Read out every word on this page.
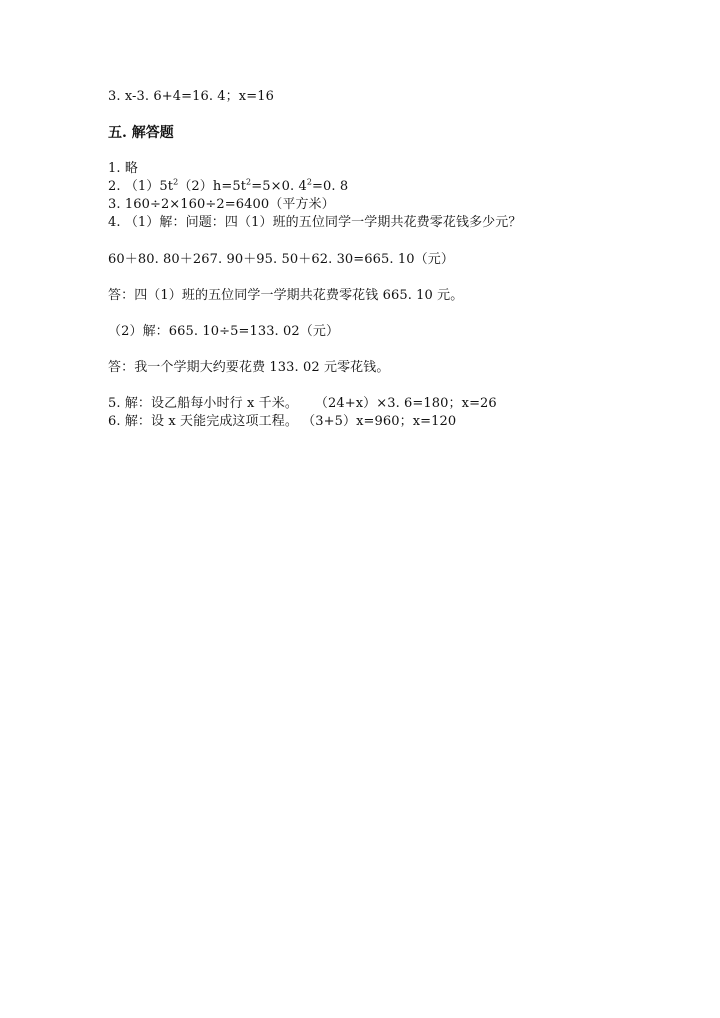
3. x-3. 6+4=16. 4；x=16
五. 解答题
1. 略
2. $(1)5t^2(2)h=5t^2=5\times 0$. $4^2=0$. 8
3. 160÷2×160÷2=6400（平方米）
4. （1）解：问题：四（1）班的五位同学一学期共花费零花钱多少元？
60＋80. 80＋267. 90＋95. 50＋62. 30=665. 10（元）
答：四（1）班的五位同学一学期共花费零花钱 665. 10 元。
（2）解：665. 10÷5=133. 02（元）
答：我一个学期大约要花费 133. 02 元零花钱。
5. 解：设乙船每小时行 x 千米。    （24+x）×3. 6=180；x=26
6. 解：设 x 天能完成这项工程。 （3+5）x=960；x=120
